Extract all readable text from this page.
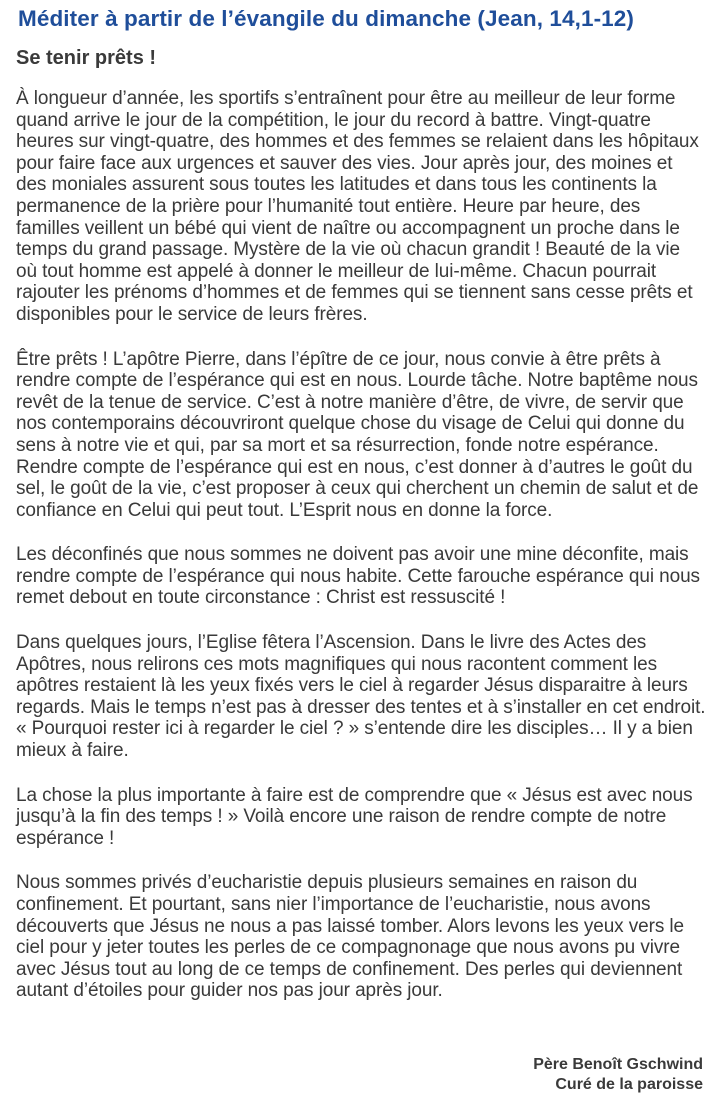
Méditer à partir de l’évangile du dimanche (Jean, 14,1-12)
Se tenir prêts !

À longueur d’année, les sportifs s’entraînent pour être au meilleur de leur forme quand arrive le jour de la compétition, le jour du record à battre. Vingt-quatre heures sur vingt-quatre, des hommes et des femmes se relaient dans les hôpitaux pour faire face aux urgences et sauver des vies. Jour après jour, des moines et des moniales assurent sous toutes les latitudes et dans tous les continents la permanence de la prière pour l’humanité tout entière. Heure par heure, des familles veillent un bébé qui vient de naître ou accompagnent un proche dans le temps du grand passage. Mystère de la vie où chacun grandit ! Beauté de la vie où tout homme est appelé à donner le meilleur de lui-même. Chacun pourrait rajouter les prénoms d’hommes et de femmes qui se tiennent sans cesse prêts et disponibles pour le service de leurs frères.

Être prêts ! L’apôtre Pierre, dans l’épître de ce jour, nous convie à être prêts à rendre compte de l’espérance qui est en nous. Lourde tâche. Notre baptême nous revêt de la tenue de service. C’est à notre manière d’être, de vivre, de servir que nos contemporains découvriront quelque chose du visage de Celui qui donne du sens à notre vie et qui, par sa mort et sa résurrection, fonde notre espérance. Rendre compte de l’espérance qui est en nous, c’est donner à d’autres le goût du sel, le goût de la vie, c’est proposer à ceux qui cherchent un chemin de salut et de confiance en Celui qui peut tout. L’Esprit nous en donne la force.

Les déconfinés que nous sommes ne doivent pas avoir une mine déconfite, mais rendre compte de l’espérance qui nous habite. Cette farouche espérance qui nous remet debout en toute circonstance : Christ est ressuscité !

Dans quelques jours, l’Eglise fêtera l’Ascension. Dans le livre des Actes des Apôtres, nous relirons ces mots magnifiques qui nous racontent comment les apôtres restaient là les yeux fixés vers le ciel à regarder Jésus disparaitre à leurs regards. Mais le temps n’est pas à dresser des tentes et à s’installer en cet endroit. « Pourquoi rester ici à regarder le ciel ? » s’entende dire les disciples… Il y a bien mieux à faire.

La chose la plus importante à faire est de comprendre que « Jésus est avec nous jusqu’à la fin des temps ! » Voilà encore une raison de rendre compte de notre espérance !

Nous sommes privés d’eucharistie depuis plusieurs semaines en raison du confinement. Et pourtant, sans nier l’importance de l’eucharistie, nous avons découverts que Jésus ne nous a pas laissé tomber. Alors levons les yeux vers le ciel pour y jeter toutes les perles de ce compagnonage que nous avons pu vivre avec Jésus tout au long de ce temps de confinement. Des perles qui deviennent autant d’étoiles pour guider nos pas jour après jour.

Père Benoît Gschwind
Curé de la paroisse
